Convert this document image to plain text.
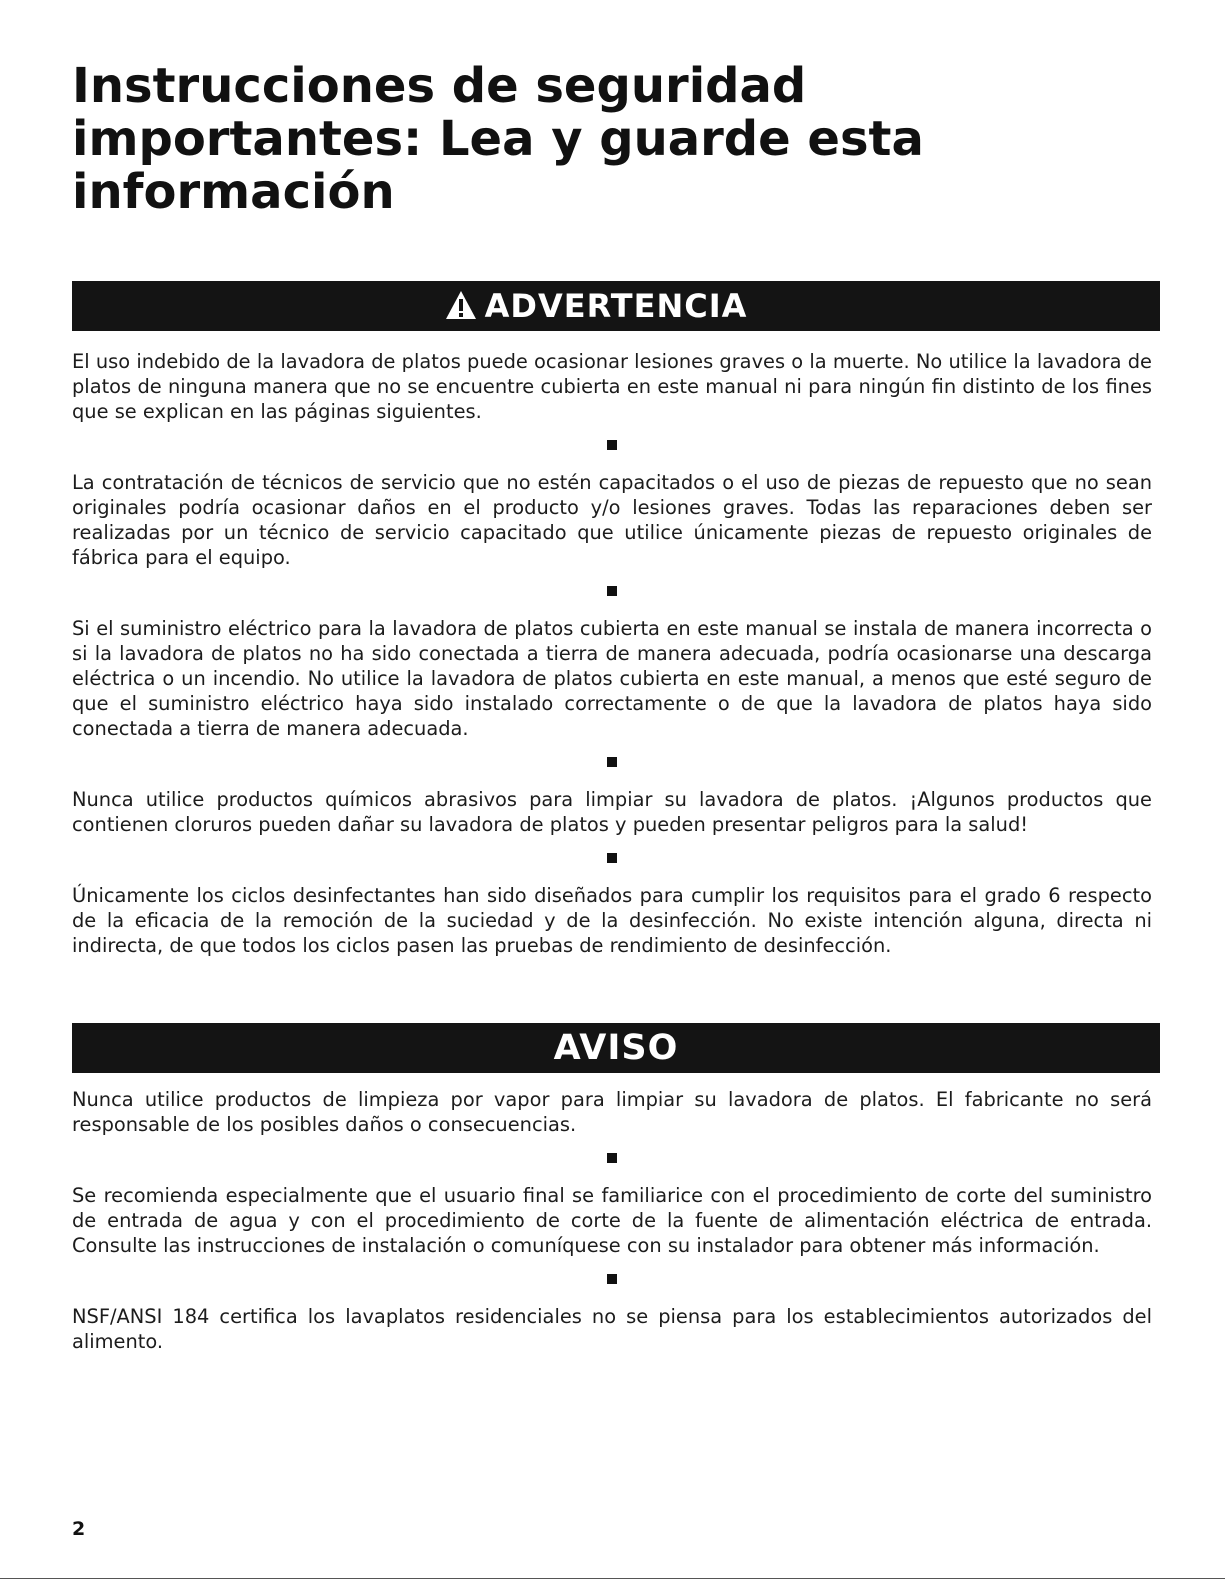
Instrucciones de seguridad importantes: Lea y guarde esta información
ADVERTENCIA

El uso indebido de la lavadora de platos puede ocasionar lesiones graves o la muerte. No utilice la lavadora de platos de ninguna manera que no se encuentre cubierta en este manual ni para ningún fin distinto de los fines que se explican en las páginas siguientes.

La contratación de técnicos de servicio que no estén capacitados o el uso de piezas de repuesto que no sean originales podría ocasionar daños en el producto y/o lesiones graves. Todas las reparaciones deben ser realizadas por un técnico de servicio capacitado que utilice únicamente piezas de repuesto originales de fábrica para el equipo.

Si el suministro eléctrico para la lavadora de platos cubierta en este manual se instala de manera incorrecta o si la lavadora de platos no ha sido conectada a tierra de manera adecuada, podría ocasionarse una descarga eléctrica o un incendio. No utilice la lavadora de platos cubierta en este manual, a menos que esté seguro de que el suministro eléctrico haya sido instalado correctamente o de que la lavadora de platos haya sido conectada a tierra de manera adecuada.

Nunca utilice productos químicos abrasivos para limpiar su lavadora de platos. ¡Algunos productos que contienen cloruros pueden dañar su lavadora de platos y pueden presentar peligros para la salud!

Únicamente los ciclos desinfectantes han sido diseñados para cumplir los requisitos para el grado 6 respecto de la eficacia de la remoción de la suciedad y de la desinfección. No existe intención alguna, directa ni indirecta, de que todos los ciclos pasen las pruebas de rendimiento de desinfección.

AVISO

Nunca utilice productos de limpieza por vapor para limpiar su lavadora de platos. El fabricante no será responsable de los posibles daños o consecuencias.

Se recomienda especialmente que el usuario final se familiarice con el procedimiento de corte del suministro de entrada de agua y con el procedimiento de corte de la fuente de alimentación eléctrica de entrada. Consulte las instrucciones de instalación o comuníquese con su instalador para obtener más información.

NSF/ANSI 184 certifica los lavaplatos residenciales no se piensa para los establecimientos autorizados del alimento.

2
